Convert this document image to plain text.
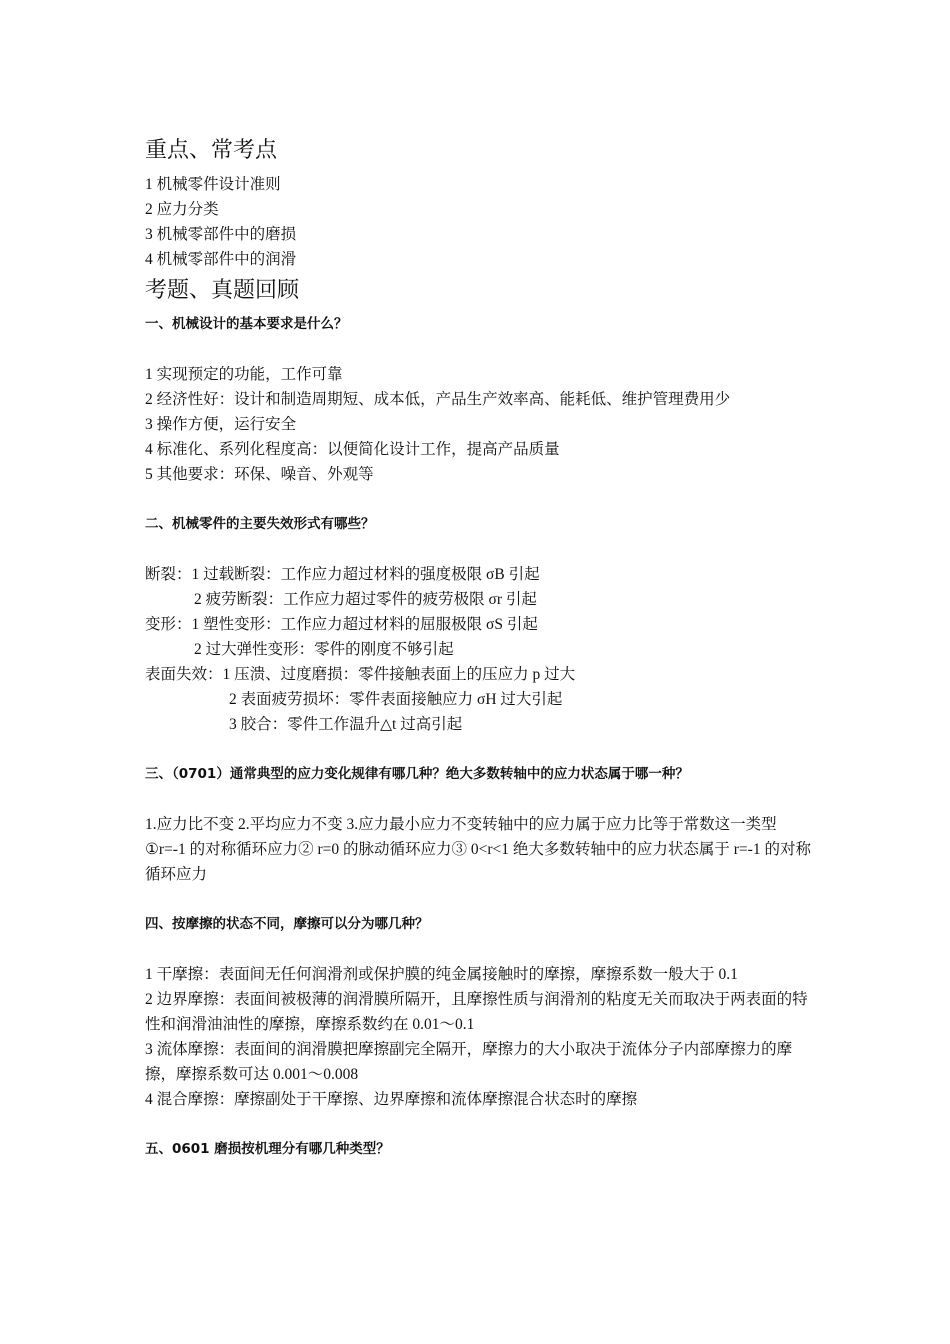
重点、常考点
1 机械零件设计准则
2 应力分类
3 机械零部件中的磨损
4 机械零部件中的润滑
考题、真题回顾
一、机械设计的基本要求是什么？
1 实现预定的功能，工作可靠
2 经济性好：设计和制造周期短、成本低，产品生产效率高、能耗低、维护管理费用少
3 操作方便，运行安全
4 标准化、系列化程度高：以便简化设计工作，提高产品质量
5 其他要求：环保、噪音、外观等
二、机械零件的主要失效形式有哪些？
断裂：1 过载断裂：工作应力超过材料的强度极限 σB 引起
2 疲劳断裂：工作应力超过零件的疲劳极限 σr 引起
变形：1 塑性变形：工作应力超过材料的屈服极限 σS 引起
2 过大弹性变形：零件的刚度不够引起
表面失效：1 压溃、过度磨损：零件接触表面上的压应力 p 过大
2 表面疲劳损坏：零件表面接触应力 σH 过大引起
3 胶合：零件工作温升△t 过高引起
三、（0701）通常典型的应力变化规律有哪几种？绝大多数转轴中的应力状态属于哪一种？
1.应力比不变 2.平均应力不变 3.应力最小应力不变转轴中的应力属于应力比等于常数这一类型
①r=-1 的对称循环应力② r=0 的脉动循环应力③ 0<r<1 绝大多数转轴中的应力状态属于 r=-1 的对称循环应力
四、按摩擦的状态不同，摩擦可以分为哪几种？
1 干摩擦：表面间无任何润滑剂或保护膜的纯金属接触时的摩擦，摩擦系数一般大于 0.1
2 边界摩擦：表面间被极薄的润滑膜所隔开，且摩擦性质与润滑剂的粘度无关而取决于两表面的特性和润滑油油性的摩擦，摩擦系数约在 0.01～0.1
3 流体摩擦：表面间的润滑膜把摩擦副完全隔开，摩擦力的大小取决于流体分子内部摩擦力的摩擦，摩擦系数可达 0.001～0.008
4 混合摩擦：摩擦副处于干摩擦、边界摩擦和流体摩擦混合状态时的摩擦
五、0601 磨损按机理分有哪几种类型？
